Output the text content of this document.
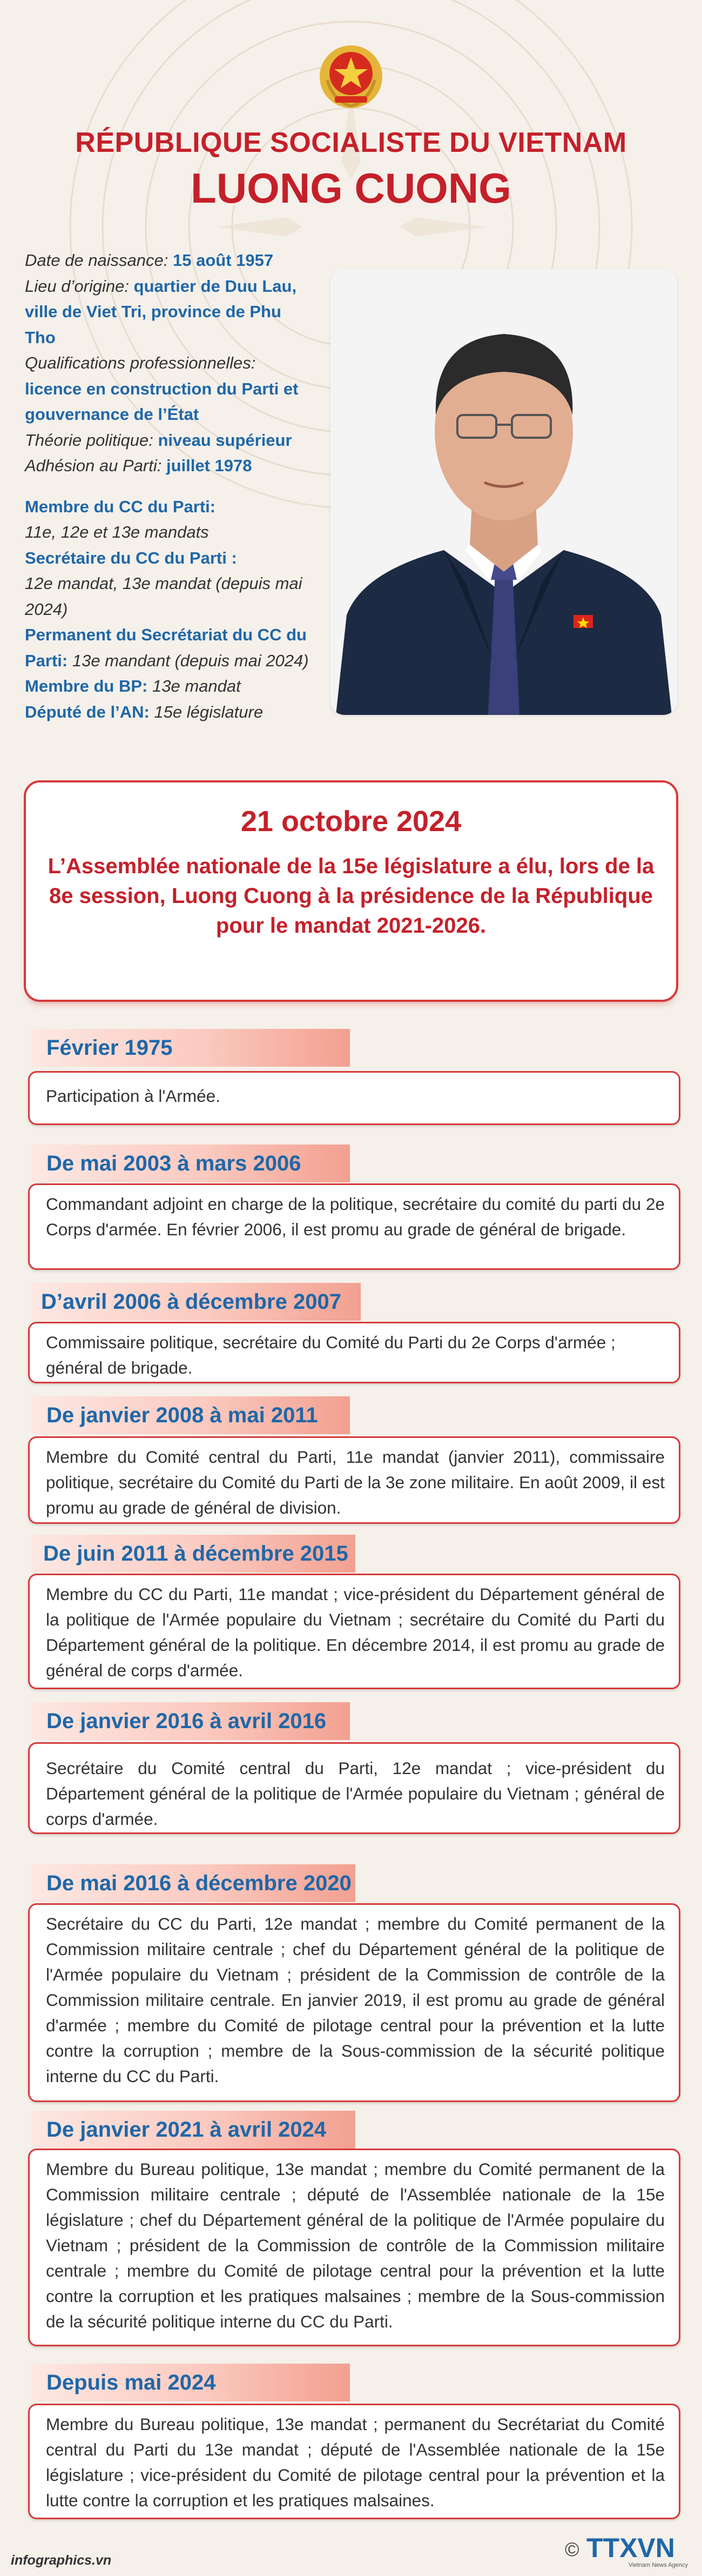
RÉPUBLIQUE SOCIALISTE DU VIETNAM
LUONG CUONG

Date de naissance: 15 août 1957

Lieu d’origine: quartier de Duu Lau,

ville de Viet Tri, province de Phu

Tho

Qualifications professionnelles:

licence en construction du Parti et

gouvernance de l’État

Théorie politique: niveau supérieur

Adhésion au Parti: juillet 1978

Membre du CC du Parti:

11e, 12e et 13e mandats

Secrétaire du CC du Parti :

12e mandat, 13e mandat (depuis mai

2024)

Permanent du Secrétariat du CC du

Parti: 13e mandant (depuis mai 2024)

Membre du BP: 13e mandat

Député de l’AN: 15e législature

21 octobre 2024
L’Assemblée nationale de la 15e législature a élu, lors de la 8e session, Luong Cuong à la présidence de la République pour le mandat 2021-2026.
Février 1975
Participation à l'Armée.
De mai 2003 à mars 2006
Commandant adjoint en charge de la politique, secrétaire du comité du parti du 2e Corps d'armée. En février 2006, il est promu au grade de général de brigade.
D’avril 2006 à décembre 2007
Commissaire politique, secrétaire du Comité du Parti du 2e Corps d'armée ; général de brigade.
De janvier 2008 à mai 2011
Membre du Comité central du Parti, 11e mandat (janvier 2011), commissaire politique, secrétaire du Comité du Parti de la 3e zone militaire. En août 2009, il est promu au grade de général de division.
De juin 2011 à décembre 2015
Membre du CC du Parti, 11e mandat ; vice-président du Département général de la politique de l'Armée populaire du Vietnam ; secrétaire du Comité du Parti du Département général de la politique. En décembre 2014, il est promu au grade de général de corps d'armée.
De janvier 2016 à avril 2016
Secrétaire du Comité central du Parti, 12e mandat ; vice-président du Département général de la politique de l'Armée populaire du Vietnam ; général de corps d'armée.
De mai 2016 à décembre 2020
Secrétaire du CC du Parti, 12e mandat ; membre du Comité permanent de la Commission militaire centrale ; chef du Département général de la politique de l'Armée populaire du Vietnam ; président de la Commission de contrôle de la Commission militaire centrale. En janvier 2019, il est promu au grade de général d'armée ; membre du Comité de pilotage central pour la prévention et la lutte contre la corruption ; membre de la Sous-commission de la sécurité politique interne du CC du Parti.
De janvier 2021 à avril 2024
Membre du Bureau politique, 13e mandat ; membre du Comité permanent de la Commission militaire centrale ; député de l'Assemblée nationale de la 15e législature ; chef du Département général de la politique de l'Armée populaire du Vietnam ; président de la Commission de contrôle de la Commission militaire centrale ; membre du Comité de pilotage central pour la prévention et la lutte contre la corruption et les pratiques malsaines ; membre de la Sous-commission de la sécurité politique interne du CC du Parti.
Depuis mai 2024
Membre du Bureau politique, 13e mandat ; permanent du Secrétariat du Comité central du Parti du 13e mandat ; député de l'Assemblée nationale de la 15e législature ; vice-président du Comité de pilotage central pour la prévention et la lutte contre la corruption et les pratiques malsaines.
infographics.vn	© TTXVN
Vietnam News Agency
